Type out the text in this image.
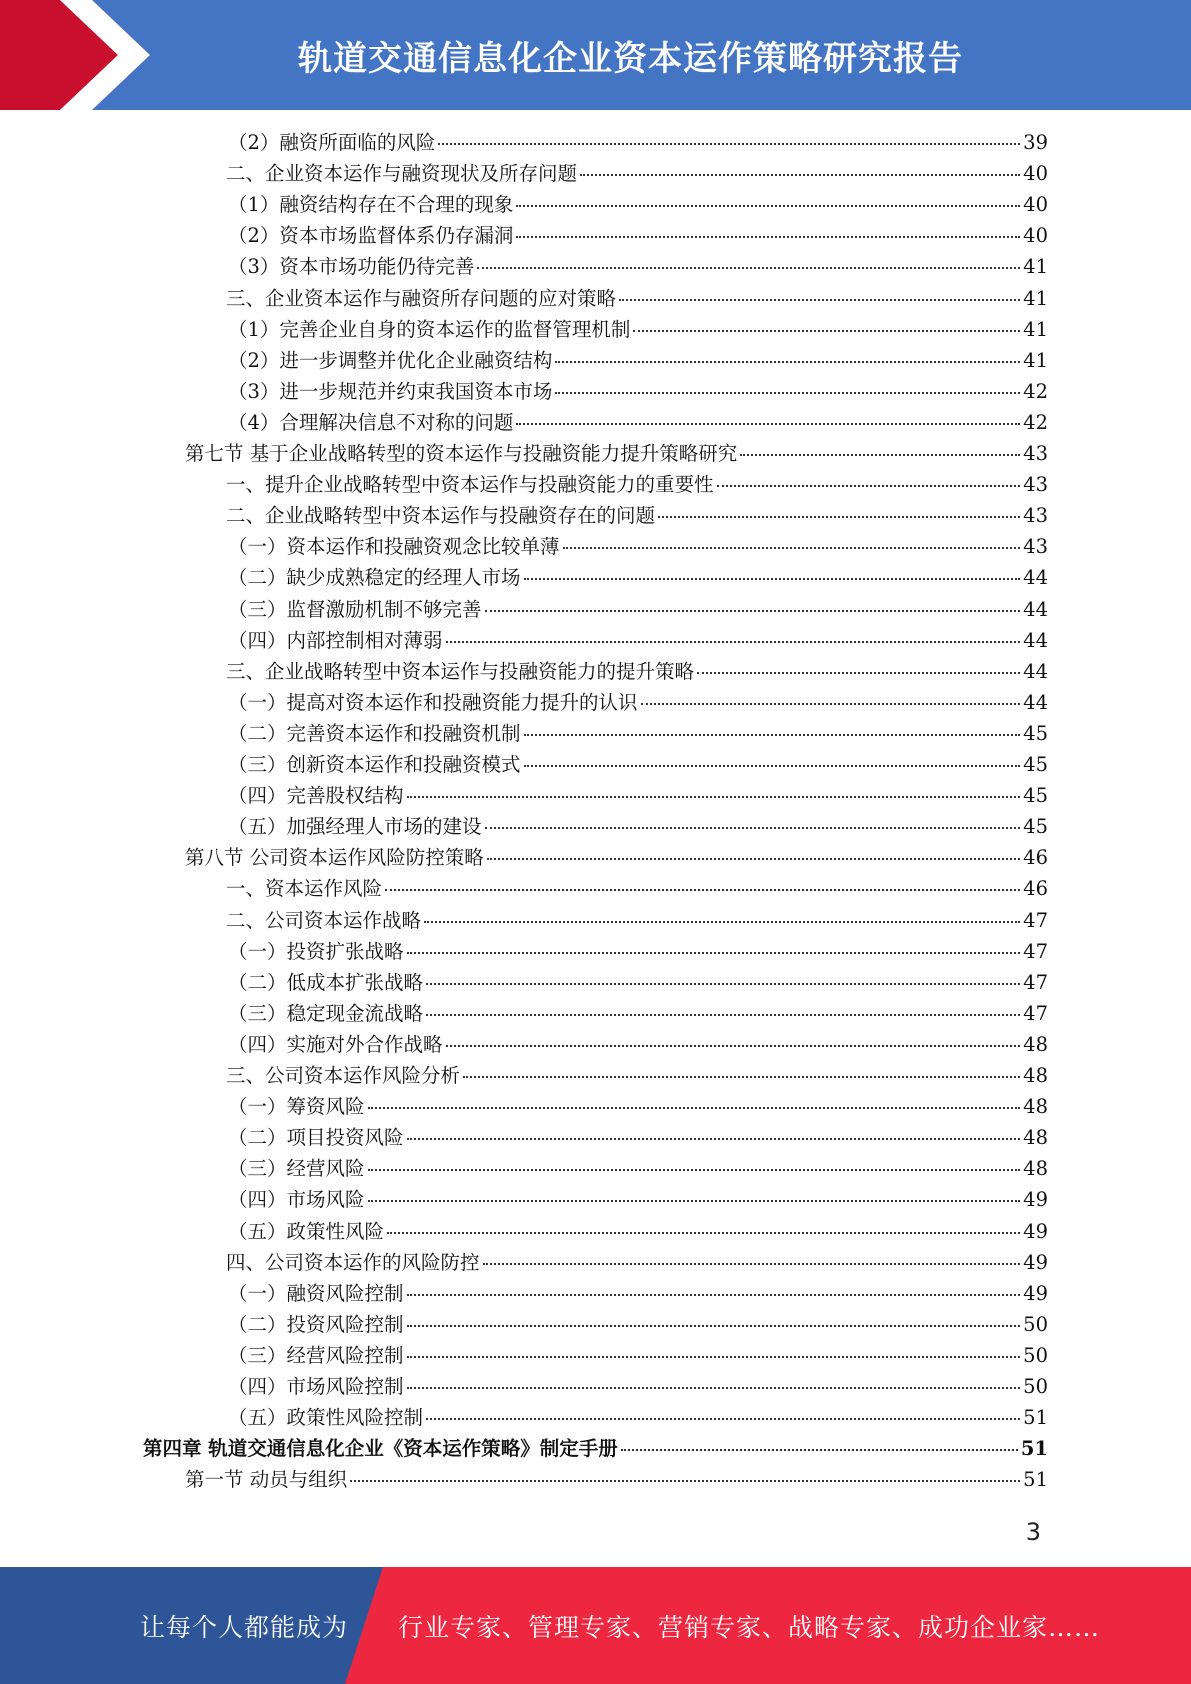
轨道交通信息化企业资本运作策略研究报告
（2）融资所面临的风险	39
二、企业资本运作与融资现状及所存问题	40
（1）融资结构存在不合理的现象	40
（2）资本市场监督体系仍存漏洞	40
（3）资本市场功能仍待完善	41
三、企业资本运作与融资所存问题的应对策略	41
（1）完善企业自身的资本运作的监督管理机制	41
（2）进一步调整并优化企业融资结构	41
（3）进一步规范并约束我国资本市场	42
（4）合理解决信息不对称的问题	42
第七节 基于企业战略转型的资本运作与投融资能力提升策略研究	43
一、提升企业战略转型中资本运作与投融资能力的重要性	43
二、企业战略转型中资本运作与投融资存在的问题	43
（一）资本运作和投融资观念比较单薄	43
（二）缺少成熟稳定的经理人市场	44
（三）监督激励机制不够完善	44
（四）内部控制相对薄弱	44
三、企业战略转型中资本运作与投融资能力的提升策略	44
（一）提高对资本运作和投融资能力提升的认识	44
（二）完善资本运作和投融资机制	45
（三）创新资本运作和投融资模式	45
（四）完善股权结构	45
（五）加强经理人市场的建设	45
第八节 公司资本运作风险防控策略	46
一、资本运作风险	46
二、公司资本运作战略	47
（一）投资扩张战略	47
（二）低成本扩张战略	47
（三）稳定现金流战略	47
（四）实施对外合作战略	48
三、公司资本运作风险分析	48
（一）筹资风险	48
（二）项目投资风险	48
（三）经营风险	48
（四）市场风险	49
（五）政策性风险	49
四、公司资本运作的风险防控	49
（一）融资风险控制	49
（二）投资风险控制	50
（三）经营风险控制	50
（四）市场风险控制	50
（五）政策性风险控制	51
第四章 轨道交通信息化企业《资本运作策略》制定手册	51
第一节 动员与组织	51
3
让每个人都能成为 行业专家、管理专家、营销专家、战略专家、成功企业家……
